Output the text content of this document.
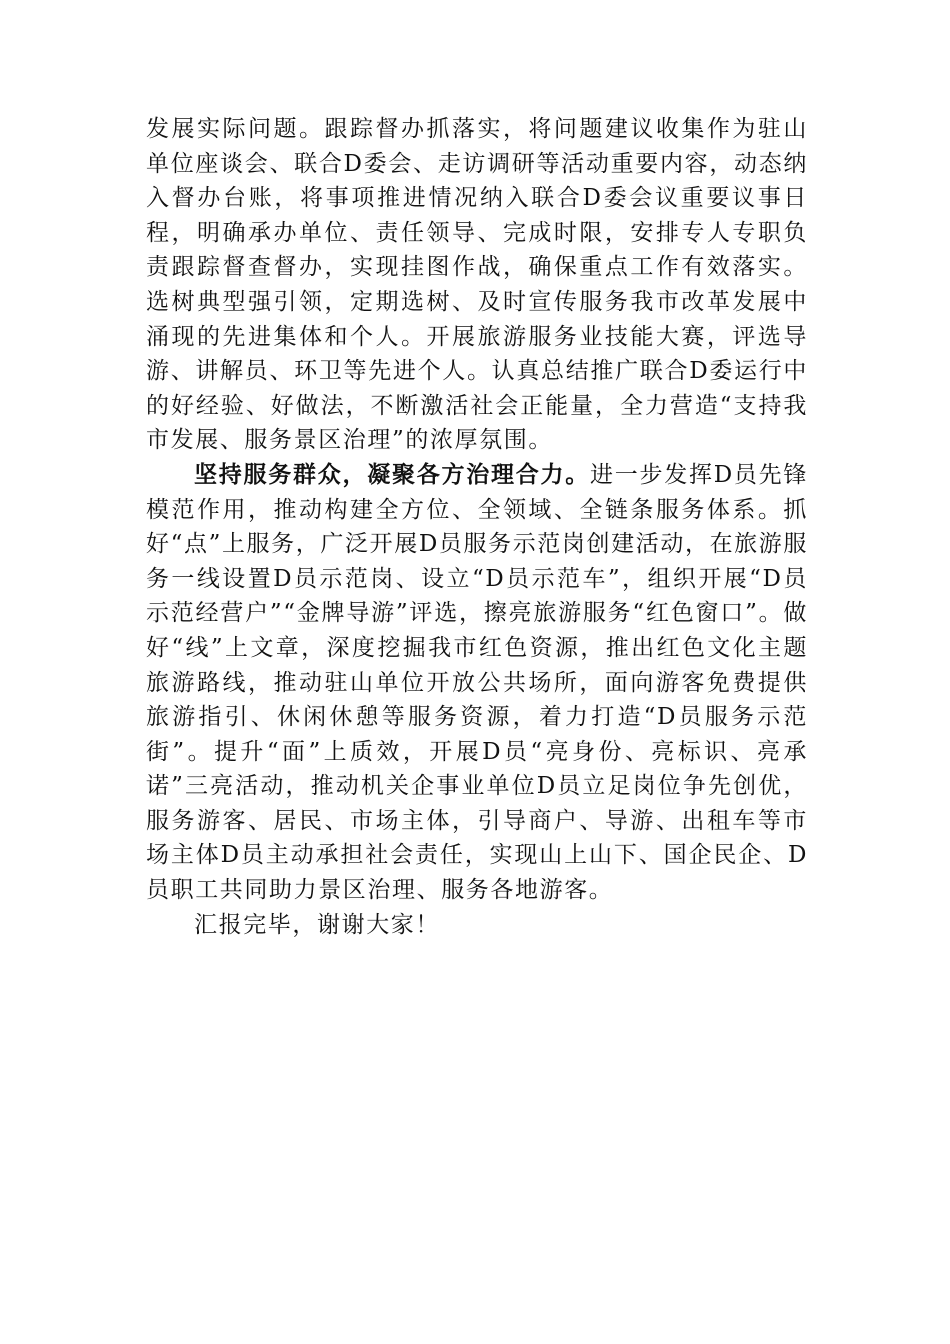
发展实际问题。跟踪督办抓落实，将问题建议收集作为驻山单位座谈会、联合D委会、走访调研等活动重要内容，动态纳入督办台账，将事项推进情况纳入联合D委会议重要议事日程，明确承办单位、责任领导、完成时限，安排专人专职负责跟踪督查督办，实现挂图作战，确保重点工作有效落实。选树典型强引领，定期选树、及时宣传服务我市改革发展中涌现的先进集体和个人。开展旅游服务业技能大赛，评选导游、讲解员、环卫等先进个人。认真总结推广联合D委运行中的好经验、好做法，不断激活社会正能量，全力营造“支持我市发展、服务景区治理”的浓厚氛围。

坚持服务群众，凝聚各方治理合力。进一步发挥D员先锋模范作用，推动构建全方位、全领域、全链条服务体系。抓好“点”上服务，广泛开展D员服务示范岗创建活动，在旅游服务一线设置D员示范岗、设立“D员示范车”，组织开展“D员示范经营户”“金牌导游”评选，擦亮旅游服务“红色窗口”。做好“线”上文章，深度挖掘我市红色资源，推出红色文化主题旅游路线，推动驻山单位开放公共场所，面向游客免费提供旅游指引、休闲休憩等服务资源，着力打造“D员服务示范街”。提升“面”上质效，开展D员“亮身份、亮标识、亮承诺”三亮活动，推动机关企事业单位D员立足岗位争先创优，服务游客、居民、市场主体，引导商户、导游、出租车等市场主体D员主动承担社会责任，实现山上山下、国企民企、D员职工共同助力景区治理、服务各地游客。

汇报完毕，谢谢大家！
